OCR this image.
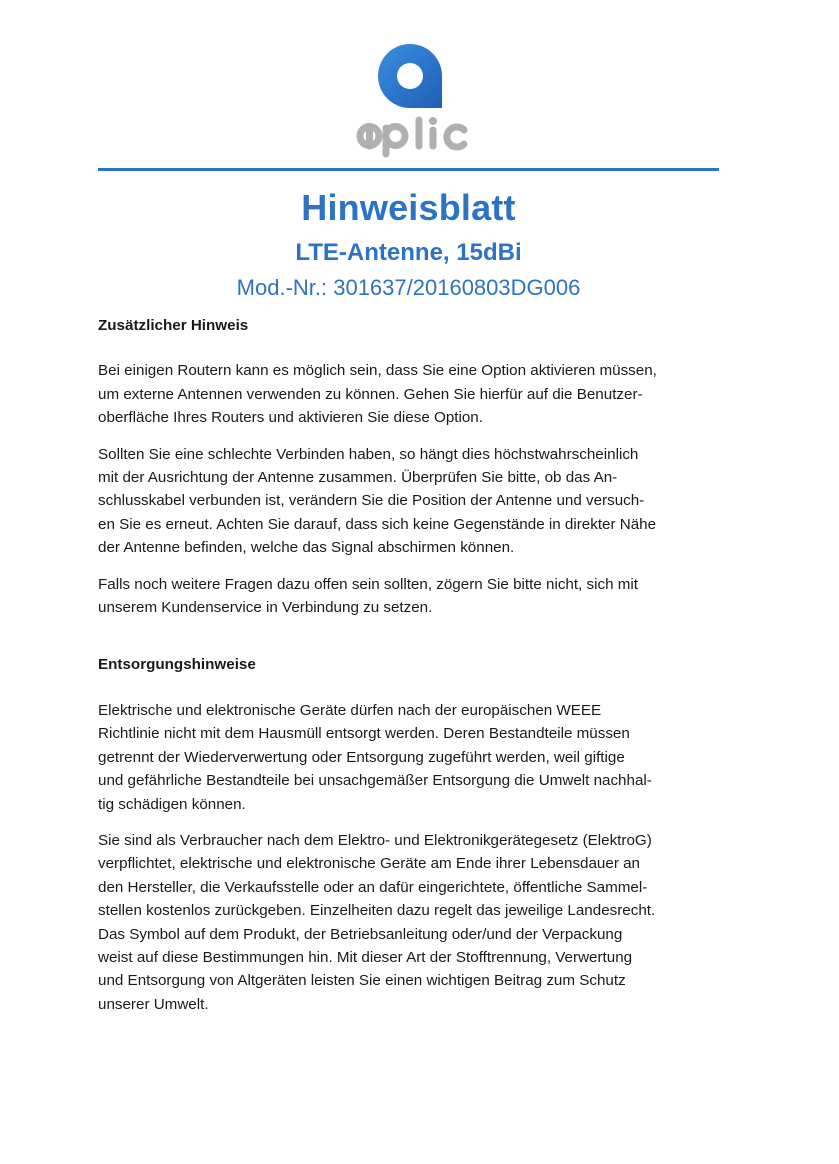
Hinweisblatt
LTE-Antenne, 15dBi
Mod.-Nr.: 301637/20160803DG006
Zusätzlicher Hinweis

Bei einigen Routern kann es möglich sein, dass Sie eine Option aktivieren müssen,
um externe Antennen verwenden zu können. Gehen Sie hierfür auf die Benutzer-
oberfläche Ihres Routers und aktivieren Sie diese Option.

Sollten Sie eine schlechte Verbinden haben, so hängt dies höchstwahrscheinlich
mit der Ausrichtung der Antenne zusammen. Überprüfen Sie bitte, ob das An-
schlusskabel verbunden ist, verändern Sie die Position der Antenne und versuch-
en Sie es erneut. Achten Sie darauf, dass sich keine Gegenstände in direkter Nähe
der Antenne befinden, welche das Signal abschirmen können.

Falls noch weitere Fragen dazu offen sein sollten, zögern Sie bitte nicht, sich mit
unserem Kundenservice in Verbindung zu setzen.

Entsorgungshinweise

Elektrische und elektronische Geräte dürfen nach der europäischen WEEE
Richtlinie nicht mit dem Hausmüll entsorgt werden. Deren Bestandteile müssen
getrennt der Wiederverwertung oder Entsorgung zugeführt werden, weil giftige
und gefährliche Bestandteile bei unsachgemäßer Entsorgung die Umwelt nachhal-
tig schädigen können.

Sie sind als Verbraucher nach dem Elektro- und Elektronikgerätegesetz (ElektroG)
verpflichtet, elektrische und elektronische Geräte am Ende ihrer Lebensdauer an
den Hersteller, die Verkaufsstelle oder an dafür eingerichtete, öffentliche Sammel-
stellen kostenlos zurückgeben. Einzelheiten dazu regelt das jeweilige Landesrecht.
Das Symbol auf dem Produkt, der Betriebsanleitung oder/und der Verpackung
weist auf diese Bestimmungen hin. Mit dieser Art der Stofftrennung, Verwertung
und Entsorgung von Altgeräten leisten Sie einen wichtigen Beitrag zum Schutz
unserer Umwelt.
